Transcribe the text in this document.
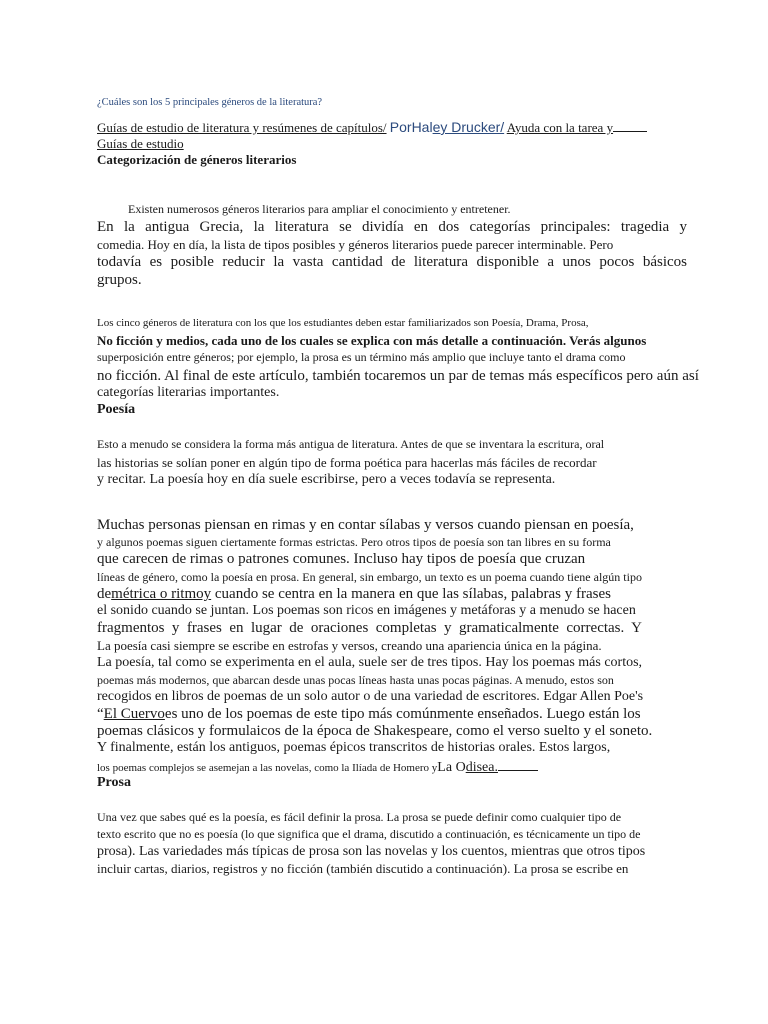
¿Cuáles son los 5 principales géneros de la literatura?
Guías de estudio de literatura y resúmenes de capítulos/ PorHaley Drucker/ Ayuda con la tarea y
Guías de estudio
Categorización de géneros literarios
Existen numerosos géneros literarios para ampliar el conocimiento y entretener.
En la antigua Grecia, la literatura se dividía en dos categorías principales: tragedia y
comedia. Hoy en día, la lista de tipos posibles y géneros literarios puede parecer interminable. Pero
todavía es posible reducir la vasta cantidad de literatura disponible a unos pocos básicos
grupos.
Los cinco géneros de literatura con los que los estudiantes deben estar familiarizados son Poesía, Drama, Prosa,
No ficción y medios, cada uno de los cuales se explica con más detalle a continuación. Verás algunos
superposición entre géneros; por ejemplo, la prosa es un término más amplio que incluye tanto el drama como
no ficción. Al final de este artículo, también tocaremos un par de temas más específicos pero aún así
categorías literarias importantes.
Poesía
Esto a menudo se considera la forma más antigua de literatura. Antes de que se inventara la escritura, oral
las historias se solían poner en algún tipo de forma poética para hacerlas más fáciles de recordar
y recitar. La poesía hoy en día suele escribirse, pero a veces todavía se representa.
Muchas personas piensan en rimas y en contar sílabas y versos cuando piensan en poesía,
y algunos poemas siguen ciertamente formas estrictas. Pero otros tipos de poesía son tan libres en su forma
que carecen de rimas o patrones comunes. Incluso hay tipos de poesía que cruzan
líneas de género, como la poesía en prosa. En general, sin embargo, un texto es un poema cuando tiene algún tipo
demétrica o ritmoy cuando se centra en la manera en que las sílabas, palabras y frases
el sonido cuando se juntan. Los poemas son ricos en imágenes y metáforas y a menudo se hacen
fragmentos y frases en lugar de oraciones completas y gramaticalmente correctas. Y
La poesía casi siempre se escribe en estrofas y versos, creando una apariencia única en la página.
La poesía, tal como se experimenta en el aula, suele ser de tres tipos. Hay los poemas más cortos,
poemas más modernos, que abarcan desde unas pocas líneas hasta unas pocas páginas. A menudo, estos son
recogidos en libros de poemas de un solo autor o de una variedad de escritores. Edgar Allen Poe's
“El Cuervoes uno de los poemas de este tipo más comúnmente enseñados. Luego están los
poemas clásicos y formulaicos de la época de Shakespeare, como el verso suelto y el soneto.
Y finalmente, están los antiguos, poemas épicos transcritos de historias orales. Estos largos,
los poemas complejos se asemejan a las novelas, como la Ilíada de Homero yLa Odisea.
Prosa
Una vez que sabes qué es la poesía, es fácil definir la prosa. La prosa se puede definir como cualquier tipo de
texto escrito que no es poesía (lo que significa que el drama, discutido a continuación, es técnicamente un tipo de
prosa). Las variedades más típicas de prosa son las novelas y los cuentos, mientras que otros tipos
incluir cartas, diarios, registros y no ficción (también discutido a continuación). La prosa se escribe en
